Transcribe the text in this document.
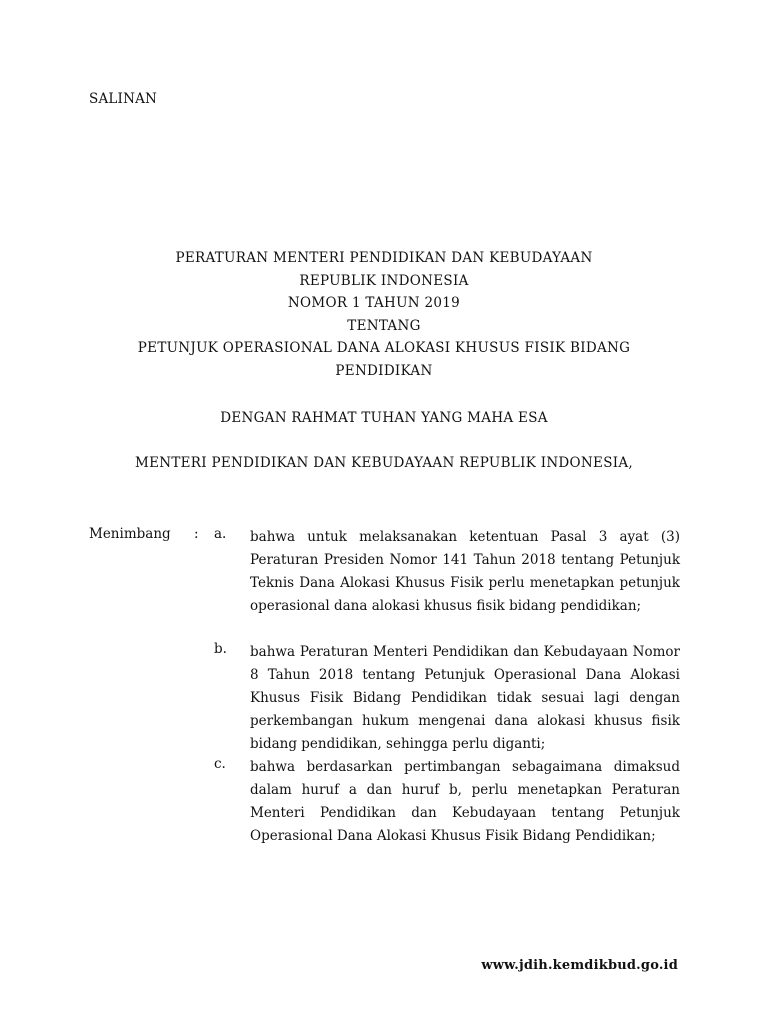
SALINAN
PERATURAN MENTERI PENDIDIKAN DAN KEBUDAYAAN
REPUBLIK INDONESIA
NOMOR 1 TAHUN 2019
TENTANG
PETUNJUK OPERASIONAL DANA ALOKASI KHUSUS FISIK BIDANG
PENDIDIKAN
DENGAN RAHMAT TUHAN YANG MAHA ESA
MENTERI PENDIDIKAN DAN KEBUDAYAAN REPUBLIK INDONESIA,
Menimbang : a. bahwa untuk melaksanakan ketentuan Pasal 3 ayat (3) Peraturan Presiden Nomor 141 Tahun 2018 tentang Petunjuk Teknis Dana Alokasi Khusus Fisik perlu menetapkan petunjuk operasional dana alokasi khusus fisik bidang pendidikan;
b. bahwa Peraturan Menteri Pendidikan dan Kebudayaan Nomor 8 Tahun 2018 tentang Petunjuk Operasional Dana Alokasi Khusus Fisik Bidang Pendidikan tidak sesuai lagi dengan perkembangan hukum mengenai dana alokasi khusus fisik bidang pendidikan, sehingga perlu diganti;
c. bahwa berdasarkan pertimbangan sebagaimana dimaksud dalam huruf a dan huruf b, perlu menetapkan Peraturan Menteri Pendidikan dan Kebudayaan tentang Petunjuk Operasional Dana Alokasi Khusus Fisik Bidang Pendidikan;
www.jdih.kemdikbud.go.id
